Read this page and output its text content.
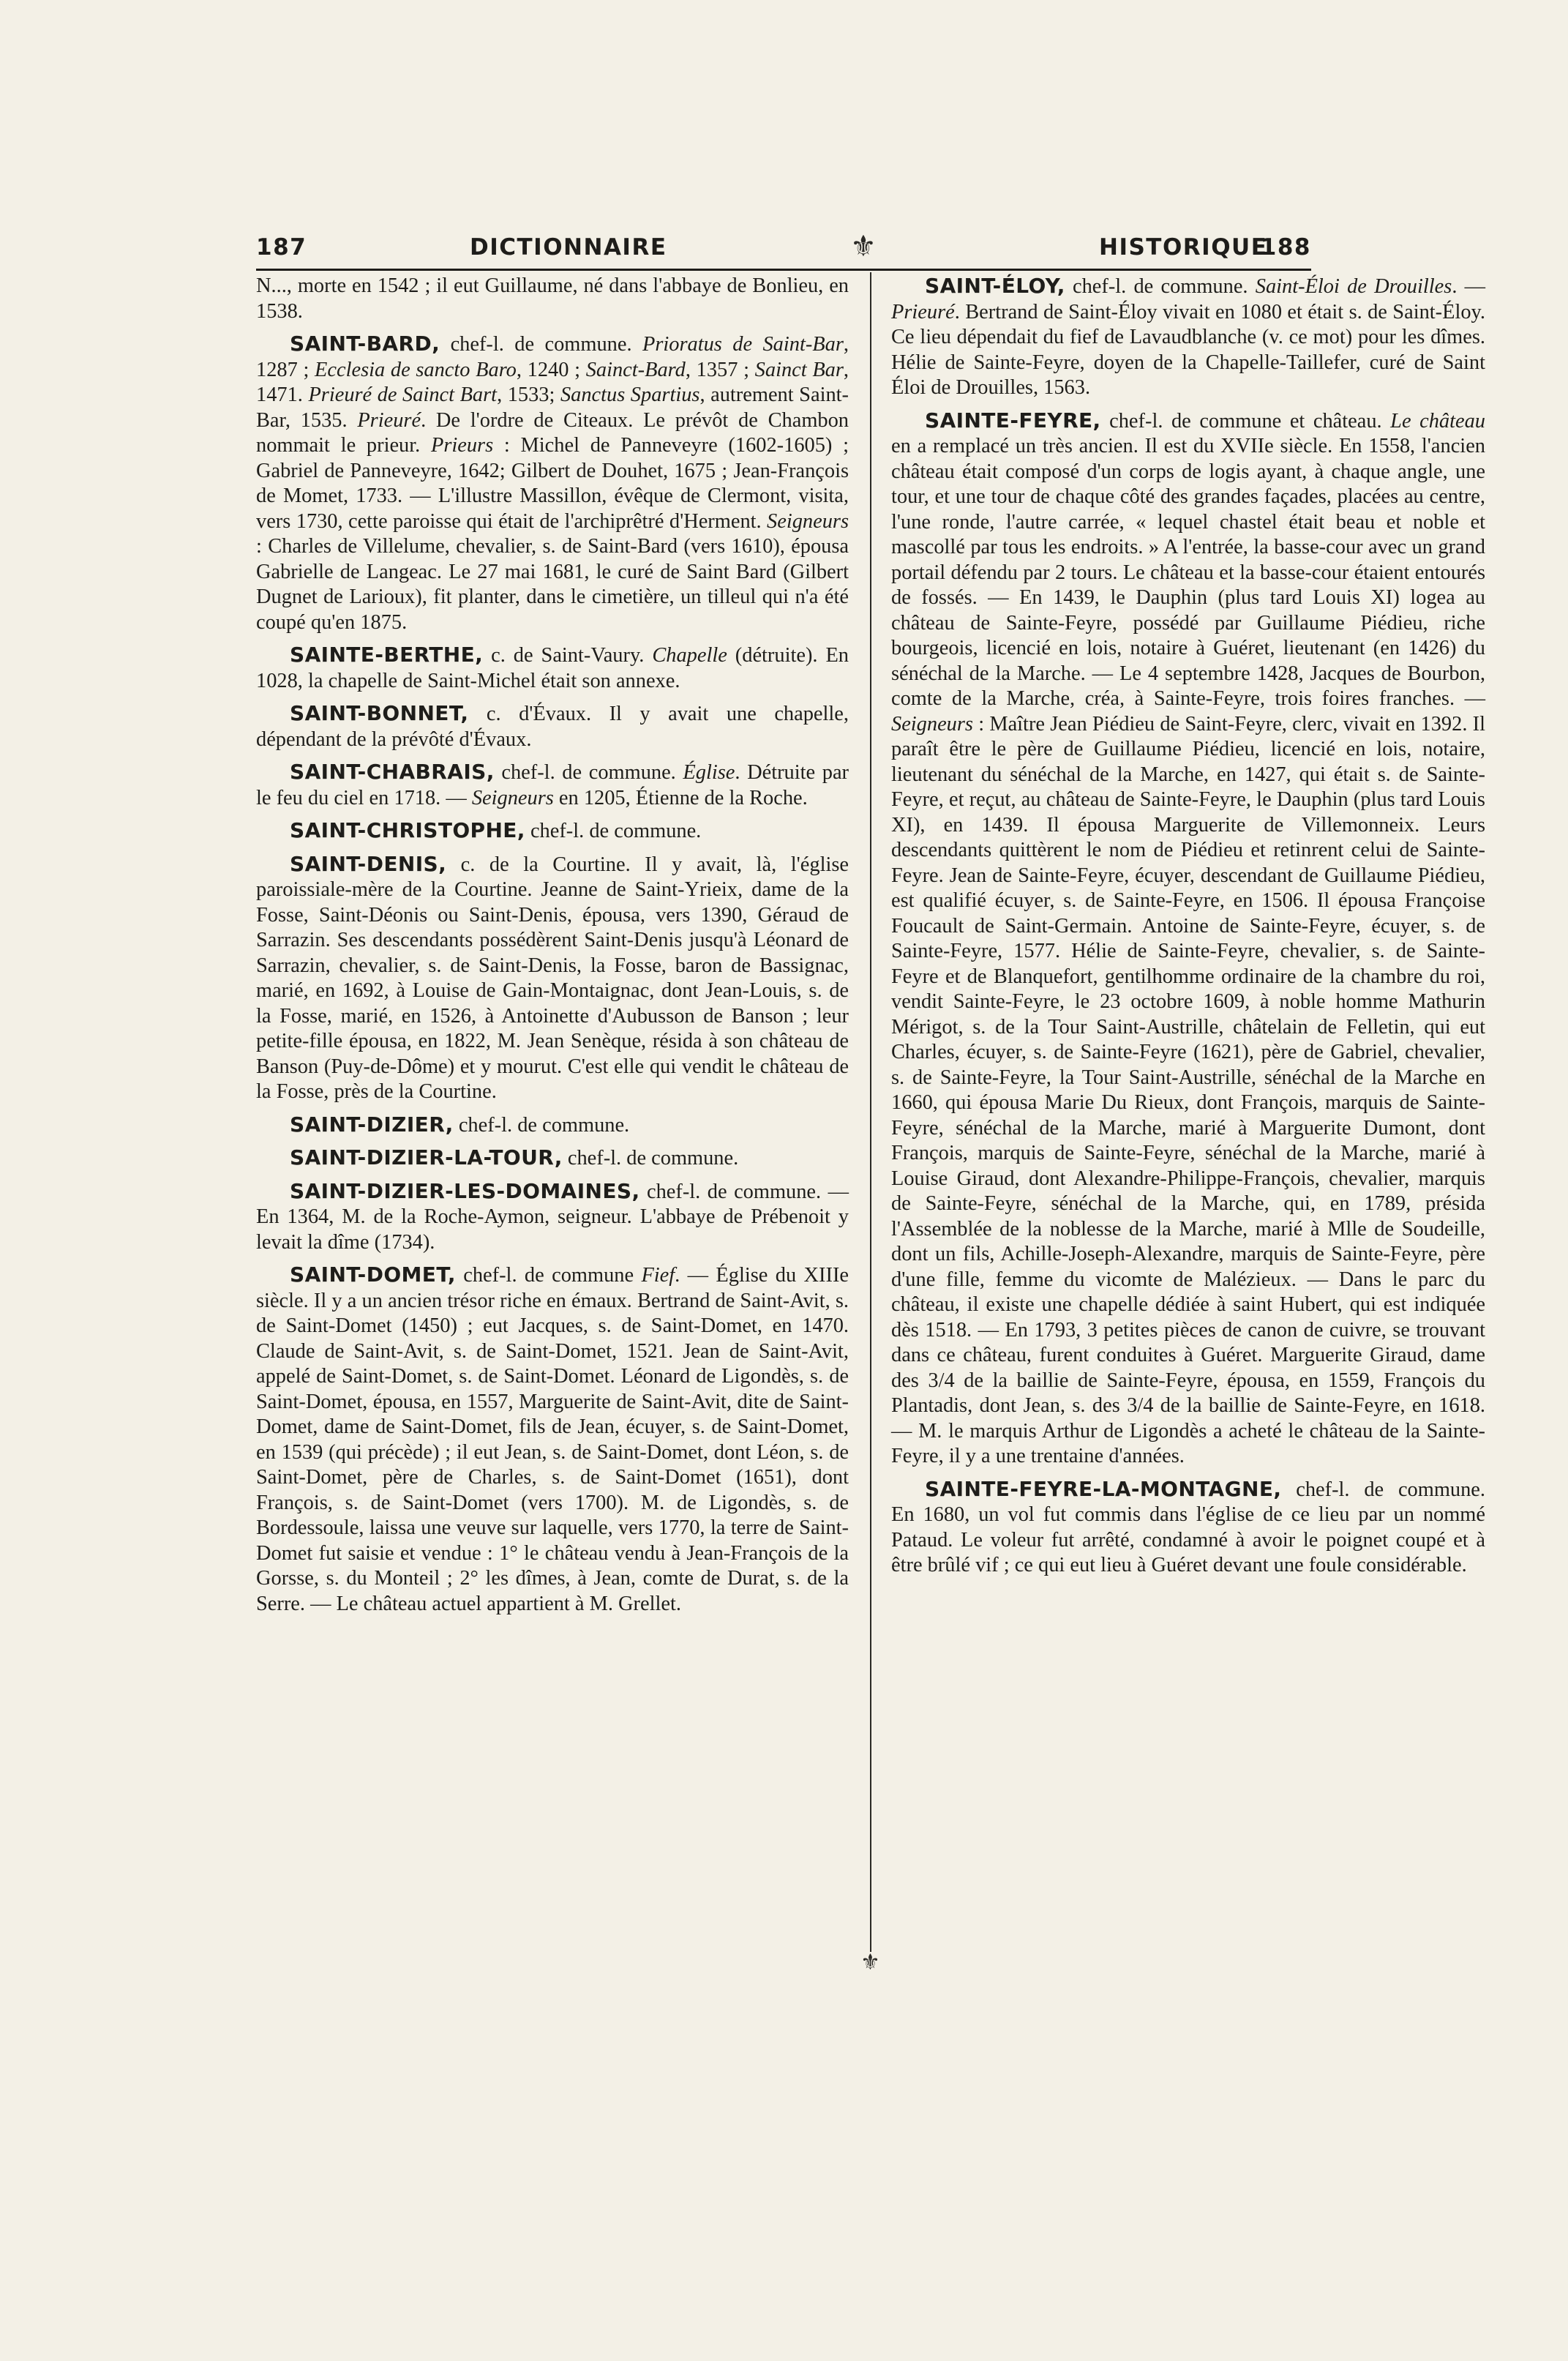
187	DICTIONNAIRE	⚜	HISTORIQUE
188

N..., morte en 1542 ; il eut Guillaume, né dans l'abbaye de Bonlieu, en 1538.

SAINT-BARD, chef-l. de commune. Prioratus de Saint-Bar, 1287 ; Ecclesia de sancto Baro, 1240 ; Sainct-Bard, 1357 ; Sainct Bar, 1471. Prieuré de Sainct Bart, 1533; Sanctus Spartius, autrement Saint-Bar, 1535. Prieuré. De l'ordre de Citeaux. Le prévôt de Chambon nommait le prieur. Prieurs : Michel de Panneveyre (1602-1605) ; Gabriel de Panneveyre, 1642; Gilbert de Douhet, 1675 ; Jean-François de Momet, 1733. — L'illustre Massillon, évêque de Clermont, visita, vers 1730, cette paroisse qui était de l'archiprêtré d'Herment. Seigneurs : Charles de Villelume, chevalier, s. de Saint-Bard (vers 1610), épousa Gabrielle de Langeac. Le 27 mai 1681, le curé de Saint Bard (Gilbert Dugnet de Larioux), fit planter, dans le cimetière, un tilleul qui n'a été coupé qu'en 1875.

SAINTE-BERTHE, c. de Saint-Vaury. Chapelle (détruite). En 1028, la chapelle de Saint-Michel était son annexe.

SAINT-BONNET, c. d'Évaux. Il y avait une chapelle, dépendant de la prévôté d'Évaux.

SAINT-CHABRAIS, chef-l. de commune. Église. Détruite par le feu du ciel en 1718. — Seigneurs en 1205, Étienne de la Roche.

SAINT-CHRISTOPHE, chef-l. de commune.

SAINT-DENIS, c. de la Courtine. Il y avait, là, l'église paroissiale-mère de la Courtine. Jeanne de Saint-Yrieix, dame de la Fosse, Saint-Déonis ou Saint-Denis, épousa, vers 1390, Géraud de Sarrazin. Ses descendants possédèrent Saint-Denis jusqu'à Léonard de Sarrazin, chevalier, s. de Saint-Denis, la Fosse, baron de Bassignac, marié, en 1692, à Louise de Gain-Montaignac, dont Jean-Louis, s. de la Fosse, marié, en 1526, à Antoinette d'Aubusson de Banson ; leur petite-fille épousa, en 1822, M. Jean Senèque, résida à son château de Banson (Puy-de-Dôme) et y mourut. C'est elle qui vendit le château de la Fosse, près de la Courtine.

SAINT-DIZIER, chef-l. de commune.

SAINT-DIZIER-LA-TOUR, chef-l. de commune.

SAINT-DIZIER-LES-DOMAINES, chef-l. de commune. — En 1364, M. de la Roche-Aymon, seigneur. L'abbaye de Prébenoit y levait la dîme (1734).

SAINT-DOMET, chef-l. de commune Fief. — Église du XIIIe siècle. Il y a un ancien trésor riche en émaux. Bertrand de Saint-Avit, s. de Saint-Domet (1450) ; eut Jacques, s. de Saint-Domet, en 1470. Claude de Saint-Avit, s. de Saint-Domet, 1521. Jean de Saint-Avit, appelé de Saint-Domet, s. de Saint-Domet. Léonard de Ligondès, s. de Saint-Domet, épousa, en 1557, Marguerite de Saint-Avit, dite de Saint-Domet, dame de Saint-Domet, fils de Jean, écuyer, s. de Saint-Domet, en 1539 (qui précède) ; il eut Jean, s. de Saint-Domet, dont Léon, s. de Saint-Domet, père de Charles, s. de Saint-Domet (1651), dont François, s. de Saint-Domet (vers 1700). M. de Ligondès, s. de Bordessoule, laissa une veuve sur laquelle, vers 1770, la terre de Saint-Domet fut saisie et vendue : 1° le château vendu à Jean-François de la Gorsse, s. du Monteil ; 2° les dîmes, à Jean, comte de Durat, s. de la Serre. — Le château actuel appartient à M. Grellet.

SAINT-ÉLOY, chef-l. de commune. Saint-Éloi de Drouilles. — Prieuré. Bertrand de Saint-Éloy vivait en 1080 et était s. de Saint-Éloy. Ce lieu dépendait du fief de Lavaudblanche (v. ce mot) pour les dîmes. Hélie de Sainte-Feyre, doyen de la Chapelle-Taillefer, curé de Saint Éloi de Drouilles, 1563.

SAINTE-FEYRE, chef-l. de commune et château. Le château en a remplacé un très ancien. Il est du XVIIe siècle. En 1558, l'ancien château était composé d'un corps de logis ayant, à chaque angle, une tour, et une tour de chaque côté des grandes façades, placées au centre, l'une ronde, l'autre carrée, « lequel chastel était beau et noble et mascollé par tous les endroits. » A l'entrée, la basse-cour avec un grand portail défendu par 2 tours. Le château et la basse-cour étaient entourés de fossés. — En 1439, le Dauphin (plus tard Louis XI) logea au château de Sainte-Feyre, possédé par Guillaume Piédieu, riche bourgeois, licencié en lois, notaire à Guéret, lieutenant (en 1426) du sénéchal de la Marche. — Le 4 septembre 1428, Jacques de Bourbon, comte de la Marche, créa, à Sainte-Feyre, trois foires franches. — Seigneurs : Maître Jean Piédieu de Saint-Feyre, clerc, vivait en 1392. Il paraît être le père de Guillaume Piédieu, licencié en lois, notaire, lieutenant du sénéchal de la Marche, en 1427, qui était s. de Sainte-Feyre, et reçut, au château de Sainte-Feyre, le Dauphin (plus tard Louis XI), en 1439. Il épousa Marguerite de Villemonneix. Leurs descendants quittèrent le nom de Piédieu et retinrent celui de Sainte-Feyre. Jean de Sainte-Feyre, écuyer, descendant de Guillaume Piédieu, est qualifié écuyer, s. de Sainte-Feyre, en 1506. Il épousa Françoise Foucault de Saint-Germain. Antoine de Sainte-Feyre, écuyer, s. de Sainte-Feyre, 1577. Hélie de Sainte-Feyre, chevalier, s. de Sainte-Feyre et de Blanquefort, gentilhomme ordinaire de la chambre du roi, vendit Sainte-Feyre, le 23 octobre 1609, à noble homme Mathurin Mérigot, s. de la Tour Saint-Austrille, châtelain de Felletin, qui eut Charles, écuyer, s. de Sainte-Feyre (1621), père de Gabriel, chevalier, s. de Sainte-Feyre, la Tour Saint-Austrille, sénéchal de la Marche en 1660, qui épousa Marie Du Rieux, dont François, marquis de Sainte-Feyre, sénéchal de la Marche, marié à Marguerite Dumont, dont François, marquis de Sainte-Feyre, sénéchal de la Marche, marié à Louise Giraud, dont Alexandre-Philippe-François, chevalier, marquis de Sainte-Feyre, sénéchal de la Marche, qui, en 1789, présida l'Assemblée de la noblesse de la Marche, marié à Mlle de Soudeille, dont un fils, Achille-Joseph-Alexandre, marquis de Sainte-Feyre, père d'une fille, femme du vicomte de Malézieux. — Dans le parc du château, il existe une chapelle dédiée à saint Hubert, qui est indiquée dès 1518. — En 1793, 3 petites pièces de canon de cuivre, se trouvant dans ce château, furent conduites à Guéret. Marguerite Giraud, dame des 3/4 de la baillie de Sainte-Feyre, épousa, en 1559, François du Plantadis, dont Jean, s. des 3/4 de la baillie de Sainte-Feyre, en 1618. — M. le marquis Arthur de Ligondès a acheté le château de la Sainte-Feyre, il y a une trentaine d'années.

SAINTE-FEYRE-LA-MONTAGNE, chef-l. de commune. En 1680, un vol fut commis dans l'église de ce lieu par un nommé Pataud. Le voleur fut arrêté, condamné à avoir le poignet coupé et à être brûlé vif ; ce qui eut lieu à Guéret devant une foule considérable.

⚜
